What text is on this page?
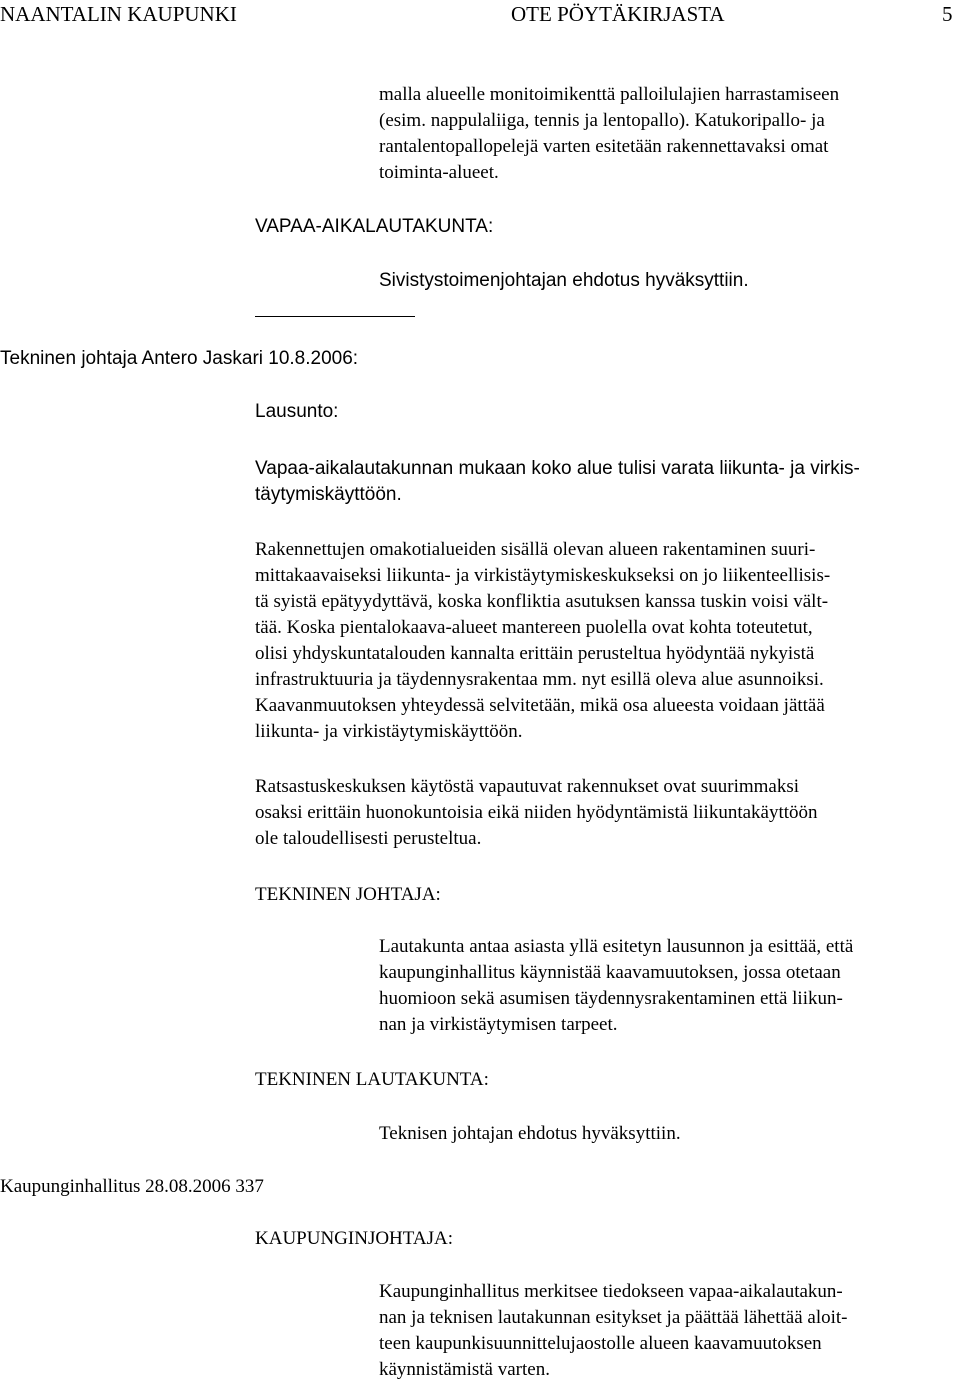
NAANTALIN KAUPUNKI	OTE PÖYTÄKIRJASTA	5

malla alueelle monitoimikenttä palloilulajien harrastamiseen
(esim. nappulaliiga, tennis ja lentopallo). Katukoripallo- ja
rantalentopallopelejä varten esitetään rakennettavaksi omat
toiminta-alueet.

VAPAA-AIKALAUTAKUNTA:
Sivistystoimenjohtajan ehdotus hyväksyttiin.
Tekninen johtaja Antero Jaskari 10.8.2006:
Lausunto:

Vapaa-aikalautakunnan mukaan koko alue tulisi varata liikunta- ja virkis-
täytymiskäyttöön.

Rakennettujen omakotialueiden sisällä olevan alueen rakentaminen suuri-
mittakaavaiseksi liikunta- ja virkistäytymiskeskukseksi on jo liikenteellisis-
tä syistä epätyydyttävä, koska konfliktia asutuksen kanssa tuskin voisi vält-
tää. Koska pientalokaava-alueet mantereen puolella ovat kohta toteutetut,
olisi yhdyskuntatalouden kannalta erittäin perusteltua hyödyntää nykyistä
infrastruktuuria ja täydennysrakentaa mm. nyt esillä oleva alue asunnoiksi.
Kaavanmuutoksen yhteydessä selvitetään, mikä osa alueesta voidaan jättää
liikunta- ja virkistäytymiskäyttöön.

Ratsastuskeskuksen käytöstä vapautuvat rakennukset ovat suurimmaksi
osaksi erittäin huonokuntoisia eikä niiden hyödyntämistä liikuntakäyttöön
ole taloudellisesti perusteltua.

TEKNINEN JOHTAJA:

Lautakunta antaa asiasta yllä esitetyn lausunnon ja esittää, että
kaupunginhallitus käynnistää kaavamuutoksen, jossa otetaan
huomioon sekä asumisen täydennysrakentaminen että liikun-
nan ja virkistäytymisen tarpeet.

TEKNINEN LAUTAKUNTA:
Teknisen johtajan ehdotus hyväksyttiin.
Kaupunginhallitus 28.08.2006 337
KAUPUNGINJOHTAJA:

Kaupunginhallitus merkitsee tiedokseen vapaa-aikalautakun-
nan ja teknisen lautakunnan esitykset ja päättää lähettää aloit-
teen kaupunkisuunnittelujaostolle alueen kaavamuutoksen
käynnistämistä varten.
